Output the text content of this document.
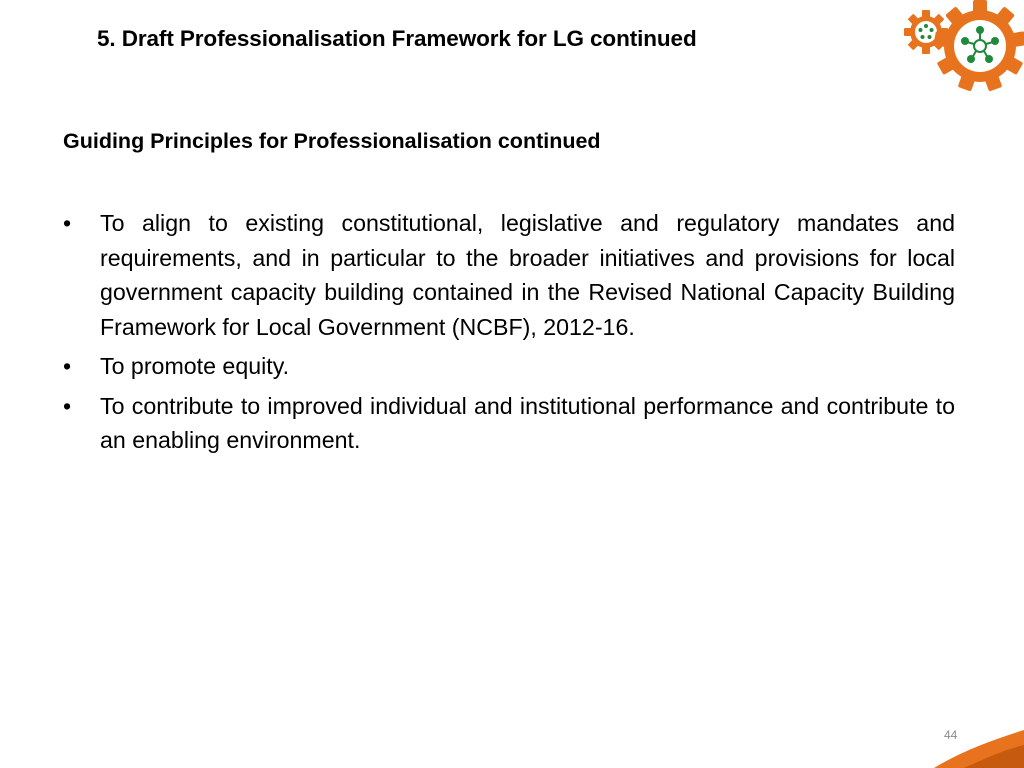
5. Draft Professionalisation Framework for LG continued
Guiding Principles for Professionalisation continued
•	To align to existing constitutional, legislative and regulatory mandates and requirements, and in particular to the broader initiatives and provisions for local government capacity building contained in the Revised National Capacity Building Framework for Local Government (NCBF), 2012-16.
•	To promote equity.
•	To contribute to improved individual and institutional performance and contribute to an enabling environment.
44
